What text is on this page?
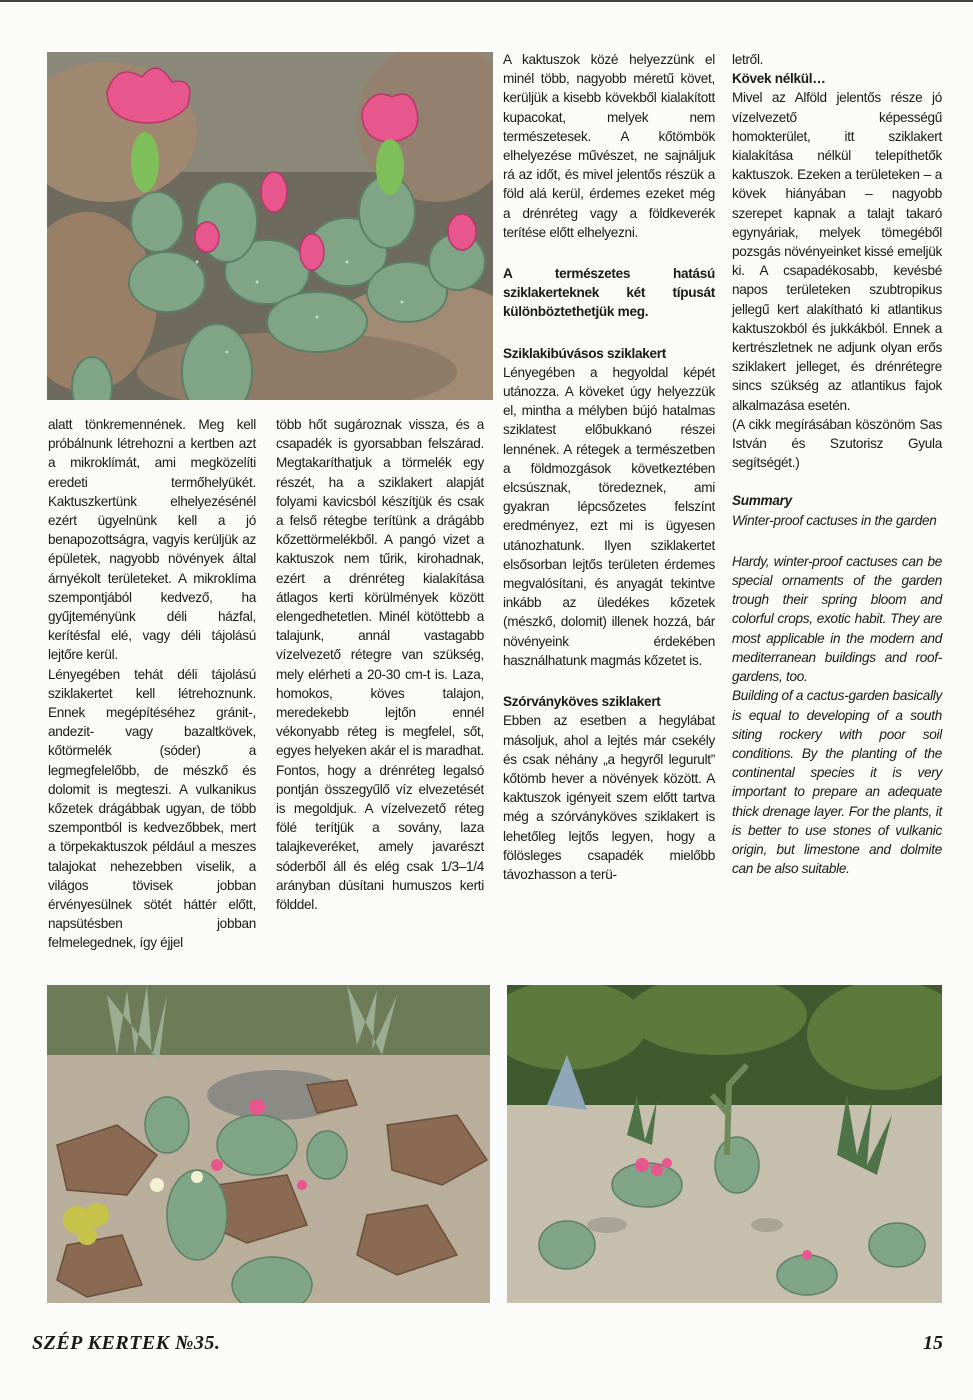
alatt tönkremennének. Meg kell próbálnunk létrehozni a kertben azt a mikroklímát, ami megközelíti eredeti termőhelyükét. Kaktuszkertünk elhelyezésénél ezért ügyelnünk kell a jó benapozottságra, vagyis kerüljük az épületek, nagyobb növények által árnyékolt területeket. A mikroklíma szempontjából kedvező, ha gyűjteményünk déli házfal, kerítésfal elé, vagy déli tájolású lejtőre kerül.

Lényegében tehát déli tájolású sziklakertet kell létrehoznunk. Ennek megépítéséhez gránit-, andezit- vagy bazaltkövek, kőtörmelék (sóder) a legmegfelelőbb, de mészkő és dolomit is megteszi. A vulkanikus kőzetek drágábbak ugyan, de több szempontból is kedvezőbbek, mert a törpekaktuszok például a meszes talajokat nehezebben viselik, a világos tövisek jobban érvényesülnek sötét háttér előtt, napsütésben jobban felmelegednek, így éjjel

több hőt sugároznak vissza, és a csapadék is gyorsabban felszárad. Megtakaríthatjuk a törmelék egy részét, ha a sziklakert alapját folyami kavicsból készítjük és csak a felső rétegbe terítünk a drágább kőzettörmelékből. A pangó vizet a kaktuszok nem tűrik, kirohadnak, ezért a drénréteg kialakítása átlagos kerti körülmények között elengedhetetlen. Minél kötöttebb a talajunk, annál vastagabb vízelvezető rétegre van szükség, mely elérheti a 20-30 cm-t is. Laza, homokos, köves talajon, meredekebb lejtőn ennél vékonyabb réteg is megfelel, sőt, egyes helyeken akár el is maradhat. Fontos, hogy a drénréteg legalsó pontján összegyűlő víz elvezetését is megoldjuk. A vízelvezető réteg fölé terítjük a sovány, laza talajkeveréket, amely javarészt sóderből áll és elég csak 1/3–1/4 arányban dúsítani humuszos kerti földdel.

A kaktuszok közé helyezzünk el minél több, nagyobb méretű követ, kerüljük a kisebb kövekből kialakított kupacokat, melyek nem természetesek. A kőtömbök elhelyezése művészet, ne sajnáljuk rá az időt, és mivel jelentős részük a föld alá kerül, érdemes ezeket még a drénréteg vagy a földkeverék terítése előtt elhelyezni.

A természetes hatású sziklakerteknek két típusát különböztethetjük meg.

Sziklakibúvásos sziklakert

Lényegében a hegyoldal képét utánozza. A köveket úgy helyezzük el, mintha a mélyben bújó hatalmas sziklatest előbukkanó részei lennének. A rétegek a természetben a földmozgások következtében elcsúsznak, töredeznek, ami gyakran lépcsőzetes felszínt eredményez, ezt mi is ügyesen utánozhatunk. Ilyen sziklakertet elsősorban lejtős területen érdemes megvalósítani, és anyagát tekintve inkább az üledékes kőzetek (mészkő, dolomit) illenek hozzá, bár növényeink érdekében használhatunk magmás kőzetet is.

Szórványköves sziklakert

Ebben az esetben a hegylábat másoljuk, ahol a lejtés már csekély és csak néhány „a hegyről legurult” kőtömb hever a növények között. A kaktuszok igényeit szem előtt tartva még a szórványköves sziklakert is lehetőleg lejtős legyen, hogy a fölösleges csapadék mielőbb távozhasson a terü-

letről.

Kövek nélkül…

Mivel az Alföld jelentős része jó vízelvezető képességű homokterület, itt sziklakert kialakítása nélkül telepíthetők kaktuszok. Ezeken a területeken – a kövek hiányában – nagyobb szerepet kapnak a talajt takaró egynyáriak, melyek tömegéből pozsgás növényeinket kissé emeljük ki. A csapadékosabb, kevésbé napos területeken szubtropikus jellegű kert alakítható ki atlantikus kaktuszokból és jukkákból. Ennek a kertrészletnek ne adjunk olyan erős sziklakert jelleget, és drénrétegre sincs szükség az atlantikus fajok alkalmazása esetén.

(A cikk megírásában köszönöm Sas István és Szutorisz Gyula segítségét.)

Summary

Winter-proof cactuses in the garden

Hardy, winter-proof cactuses can be special ornaments of the garden trough their spring bloom and colorful crops, exotic habit. They are most applicable in the modern and mediterranean buildings and roof-gardens, too.

Building of a cactus-garden basically is equal to developing of a south siting rockery with poor soil conditions. By the planting of the continental species it is very important to prepare an adequate thick drenage layer. For the plants, it is better to use stones of vulkanic origin, but limestone and dolmite can be also suitable.

SZÉP KERTEK №35.	15
